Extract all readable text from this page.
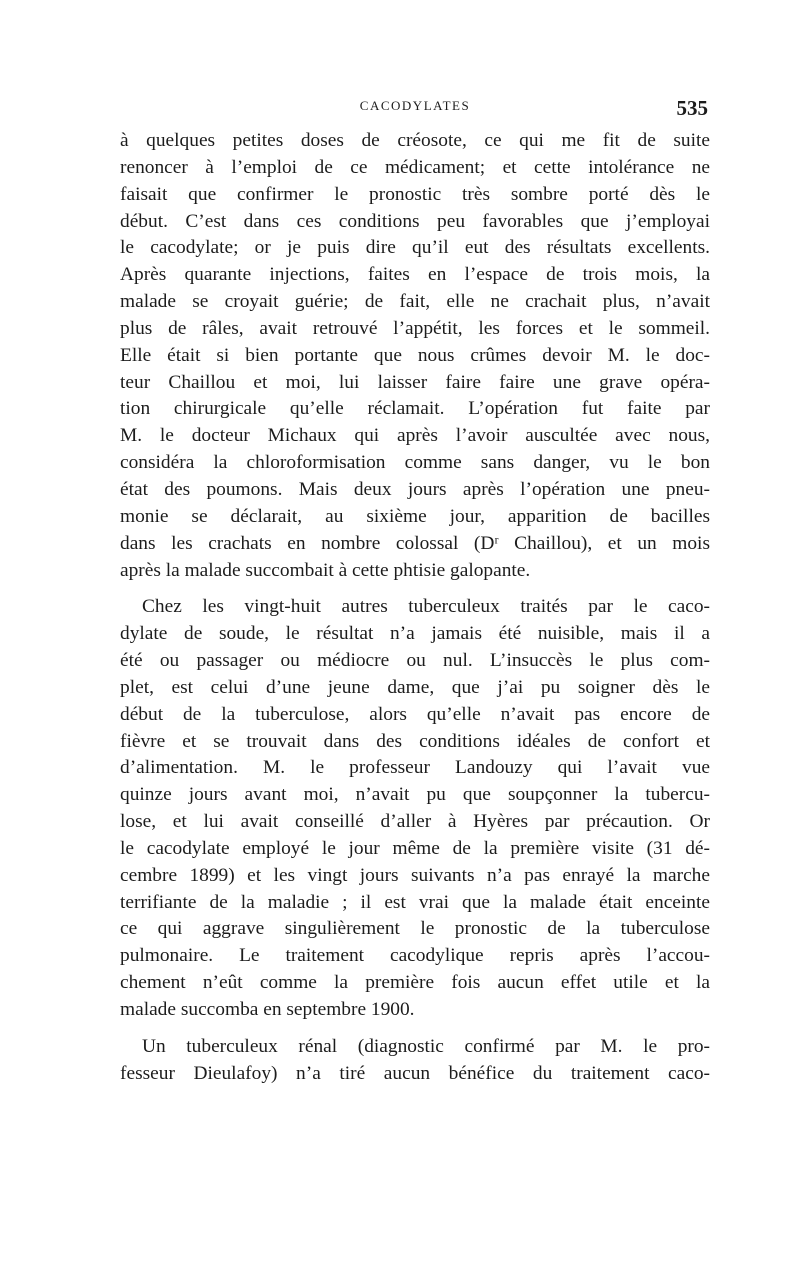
CACODYLATES	535
à quelques petites doses de créosote, ce qui me fit de suite
renoncer à l’emploi de ce médicament; et cette intolérance ne
faisait que confirmer le pronostic très sombre porté dès le
début. C’est dans ces conditions peu favorables que j’employai
le cacodylate; or je puis dire qu’il eut des résultats excellents.
Après quarante injections, faites en l’espace de trois mois, la
malade se croyait guérie; de fait, elle ne crachait plus, n’avait
plus de râles, avait retrouvé l’appétit, les forces et le sommeil.
Elle était si bien portante que nous crûmes devoir M. le doc-
teur Chaillou et moi, lui laisser faire faire une grave opéra-
tion chirurgicale qu’elle réclamait. L’opération fut faite par
M. le docteur Michaux qui après l’avoir auscultée avec nous,
considéra la chloroformisation comme sans danger, vu le bon
état des poumons. Mais deux jours après l’opération une pneu-
monie se déclarait, au sixième jour, apparition de bacilles
dans les crachats en nombre colossal (Dʳ Chaillou), et un mois
après la malade succombait à cette phtisie galopante.
Chez les vingt-huit autres tuberculeux traités par le caco-
dylate de soude, le résultat n’a jamais été nuisible, mais il a
été ou passager ou médiocre ou nul. L’insuccès le plus com-
plet, est celui d’une jeune dame, que j’ai pu soigner dès le
début de la tuberculose, alors qu’elle n’avait pas encore de
fièvre et se trouvait dans des conditions idéales de confort et
d’alimentation. M. le professeur Landouzy qui l’avait vue
quinze jours avant moi, n’avait pu que soupçonner la tubercu-
lose, et lui avait conseillé d’aller à Hyères par précaution. Or
le cacodylate employé le jour même de la première visite (31 dé-
cembre 1899) et les vingt jours suivants n’a pas enrayé la marche
terrifiante de la maladie ; il est vrai que la malade était enceinte
ce qui aggrave singulièrement le pronostic de la tuberculose
pulmonaire. Le traitement cacodylique repris après l’accou-
chement n’eût comme la première fois aucun effet utile et la
malade succomba en septembre 1900.
Un tuberculeux rénal (diagnostic confirmé par M. le pro-
fesseur Dieulafoy) n’a tiré aucun bénéfice du traitement caco-
